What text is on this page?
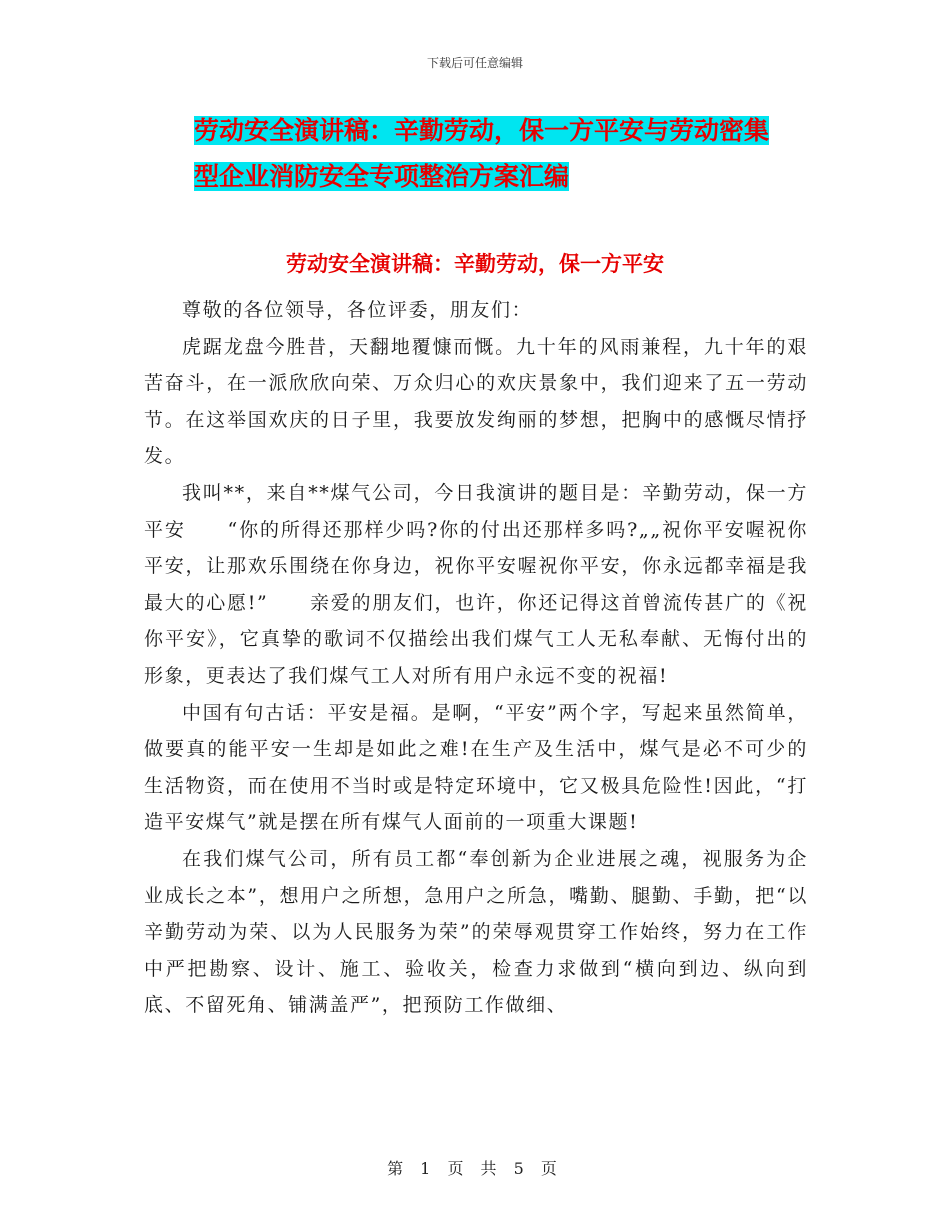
下载后可任意编辑
劳动安全演讲稿：辛勤劳动，保一方平安与劳动密集
型企业消防安全专项整治方案汇编
劳动安全演讲稿：辛勤劳动，保一方平安

尊敬的各位领导，各位评委，朋友们：

虎踞龙盘今胜昔，天翻地覆慷而慨。九十年的风雨兼程，九十年的艰苦奋斗，在一派欣欣向荣、万众归心的欢庆景象中，我们迎来了五一劳动节。在这举国欢庆的日子里，我要放发绚丽的梦想，把胸中的感慨尽情抒发。

我叫**，来自**煤气公司，今日我演讲的题目是：辛勤劳动，保一方平安　　“你的所得还那样少吗?你的付出还那样多吗?„„祝你平安喔祝你平安，让那欢乐围绕在你身边，祝你平安喔祝你平安，你永远都幸福是我最大的心愿!”　　亲爱的朋友们，也许，你还记得这首曾流传甚广的《祝你平安》，它真挚的歌词不仅描绘出我们煤气工人无私奉献、无悔付出的形象，更表达了我们煤气工人对所有用户永远不变的祝福!

中国有句古话：平安是福。是啊，“平安”两个字，写起来虽然简单，做要真的能平安一生却是如此之难!在生产及生活中，煤气是必不可少的生活物资，而在使用不当时或是特定环境中，它又极具危险性!因此，“打造平安煤气”就是摆在所有煤气人面前的一项重大课题!

在我们煤气公司，所有员工都“奉创新为企业进展之魂，视服务为企业成长之本”，想用户之所想，急用户之所急，嘴勤、腿勤、手勤，把“以辛勤劳动为荣、以为人民服务为荣”的荣辱观贯穿工作始终，努力在工作中严把勘察、设计、施工、验收关，检查力求做到“横向到边、纵向到底、不留死角、铺满盖严”，把预防工作做细、

第 1 页 共 5 页
